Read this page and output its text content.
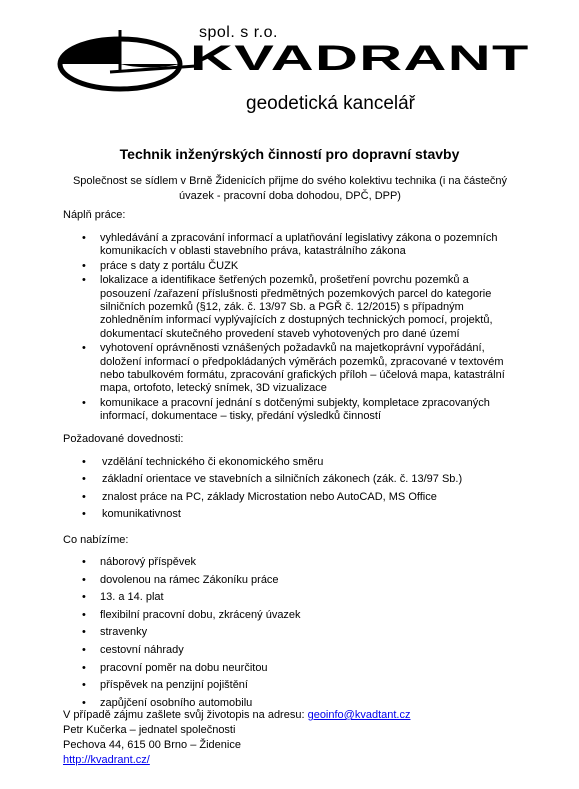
spol. s r.o.
KVADRANT
geodetická kancelář
Technik inženýrských činností pro dopravní stavby
Společnost se sídlem v Brně Židenicích přijme do svého kolektivu technika (i na částečný úvazek - pracovní doba dohodou, DPČ, DPP)
Náplň práce:
• vyhledávání a zpracování informací a uplatňování legislativy zákona o pozemních komunikacích v oblasti stavebního práva, katastrálního zákona
• práce s daty z portálu ČUZK
• lokalizace a identifikace šetřených pozemků, prošetření povrchu pozemků a posouzení /zařazení příslušnosti předmětných pozemkových parcel do kategorie silničních pozemků (§12, zák. č. 13/97 Sb. a PGŘ č. 12/2015) s případným zohledněním informací vyplývajících z dostupných technických pomocí, projektů, dokumentací skutečného provedení staveb vyhotovených pro dané území
• vyhotovení oprávněnosti vznášených požadavků na majetkoprávní vypořádání, doložení informací o předpokládaných výměrách pozemků, zpracované v textovém nebo tabulkovém formátu, zpracování grafických příloh – účelová mapa, katastrální mapa, ortofoto, letecký snímek, 3D vizualizace
• komunikace a pracovní jednání s dotčenými subjekty, kompletace zpracovaných informací, dokumentace – tisky, předání výsledků činností
Požadované dovednosti:
• vzdělání technického či ekonomického směru
• základní orientace ve stavebních a silničních zákonech (zák. č. 13/97 Sb.)
• znalost práce na PC, základy Microstation nebo AutoCAD, MS Office
• komunikativnost
Co nabízíme:
• náborový příspěvek
• dovolenou na rámec Zákoníku práce
• 13. a 14. plat
• flexibilní pracovní dobu, zkrácený úvazek
• stravenky
• cestovní náhrady
• pracovní poměr na dobu neurčitou
• příspěvek na penzijní pojištění
• zapůjčení osobního automobilu
V případě zájmu zašlete svůj životopis na adresu: geoinfo@kvadtant.cz
Petr Kučerka – jednatel společnosti
Pechova 44, 615 00 Brno – Židenice
http://kvadrant.cz/
